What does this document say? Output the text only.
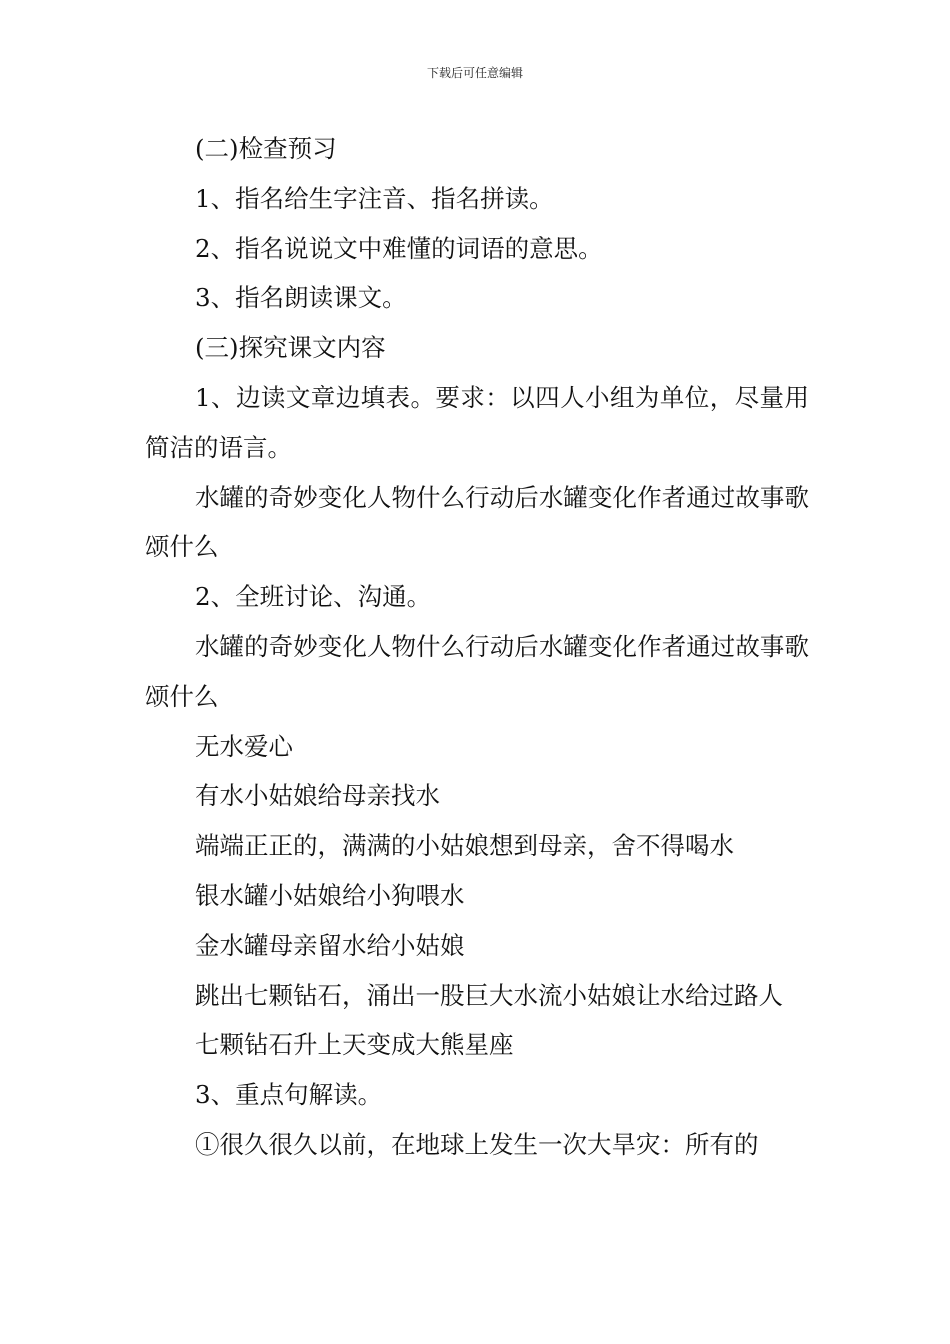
下载后可任意编辑

(二)检查预习

1、指名给生字注音、指名拼读。

2、指名说说文中难懂的词语的意思。

3、指名朗读课文。

(三)探究课文内容

1、边读文章边填表。要求：以四人小组为单位，尽量用简洁的语言。

水罐的奇妙变化人物什么行动后水罐变化作者通过故事歌颂什么

2、全班讨论、沟通。

水罐的奇妙变化人物什么行动后水罐变化作者通过故事歌颂什么

无水爱心

有水小姑娘给母亲找水

端端正正的，满满的小姑娘想到母亲，舍不得喝水

银水罐小姑娘给小狗喂水

金水罐母亲留水给小姑娘

跳出七颗钻石，涌出一股巨大水流小姑娘让水给过路人

七颗钻石升上天变成大熊星座

3、重点句解读。

①很久很久以前，在地球上发生一次大旱灾：所有的
